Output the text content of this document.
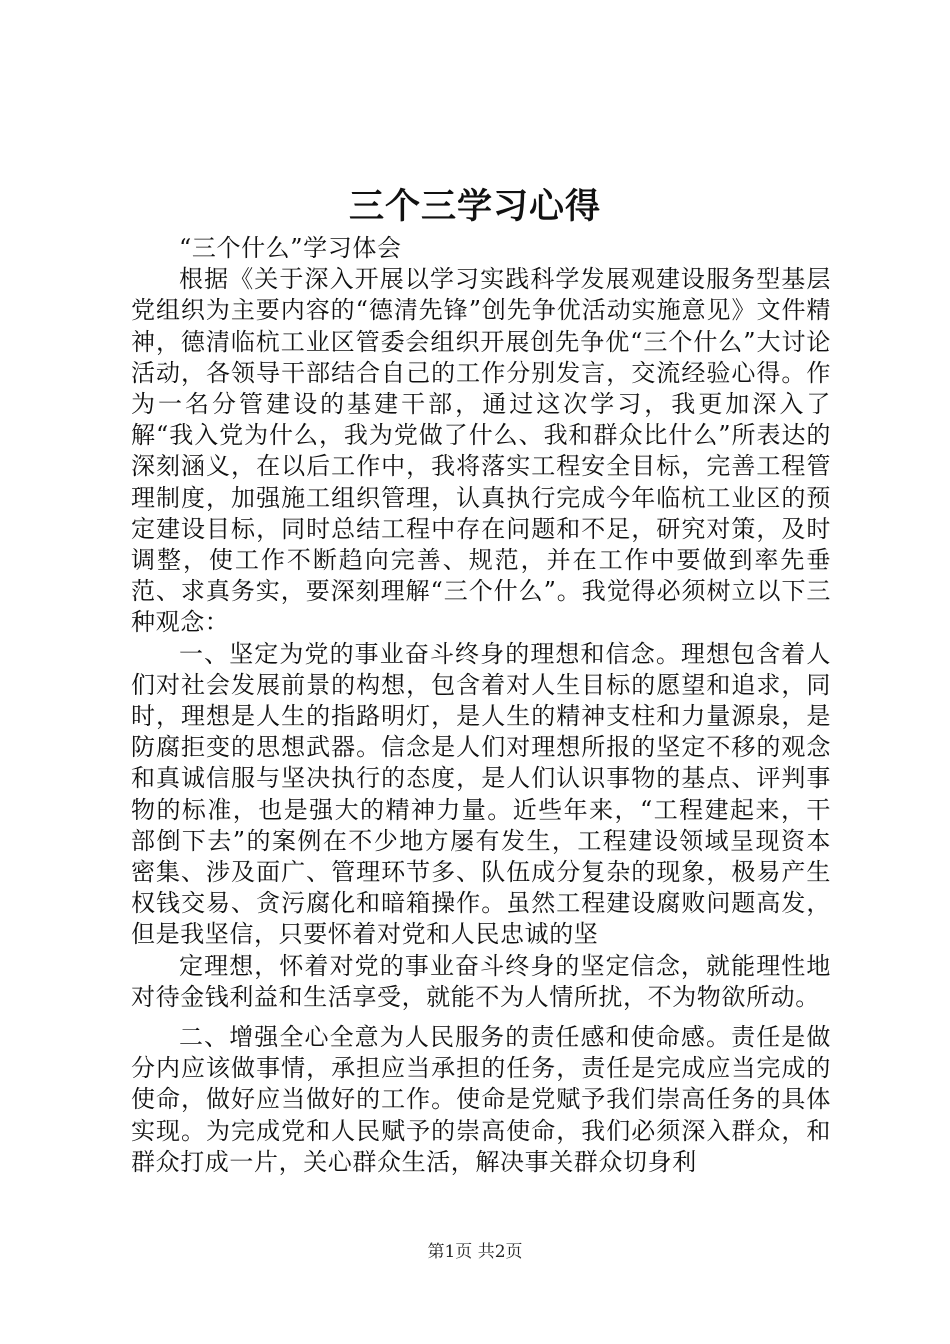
三个三学习心得

“三个什么”学习体会

根据《关于深入开展以学习实践科学发展观建设服务型基层党组织为主要内容的“德清先锋”创先争优活动实施意见》文件精神，德清临杭工业区管委会组织开展创先争优“三个什么”大讨论活动，各领导干部结合自己的工作分别发言，交流经验心得。作为一名分管建设的基建干部，通过这次学习，我更加深入了解“我入党为什么，我为党做了什么、我和群众比什么”所表达的深刻涵义，在以后工作中，我将落实工程安全目标，完善工程管理制度，加强施工组织管理，认真执行完成今年临杭工业区的预定建设目标，同时总结工程中存在问题和不足，研究对策，及时调整，使工作不断趋向完善、规范，并在工作中要做到率先垂范、求真务实，要深刻理解“三个什么”。我觉得必须树立以下三种观念：

一、坚定为党的事业奋斗终身的理想和信念。理想包含着人们对社会发展前景的构想，包含着对人生目标的愿望和追求，同时，理想是人生的指路明灯，是人生的精神支柱和力量源泉，是防腐拒变的思想武器。信念是人们对理想所报的坚定不移的观念和真诚信服与坚决执行的态度，是人们认识事物的基点、评判事物的标准，也是强大的精神力量。近些年来，“工程建起来，干部倒下去”的案例在不少地方屡有发生，工程建设领域呈现资本密集、涉及面广、管理环节多、队伍成分复杂的现象，极易产生权钱交易、贪污腐化和暗箱操作。虽然工程建设腐败问题高发，但是我坚信，只要怀着对党和人民忠诚的坚

定理想，怀着对党的事业奋斗终身的坚定信念，就能理性地对待金钱利益和生活享受，就能不为人情所扰，不为物欲所动。

二、增强全心全意为人民服务的责任感和使命感。责任是做分内应该做事情，承担应当承担的任务，责任是完成应当完成的使命，做好应当做好的工作。使命是党赋予我们崇高任务的具体实现。为完成党和人民赋予的崇高使命，我们必须深入群众，和群众打成一片，关心群众生活，解决事关群众切身利

第1页 共2页
